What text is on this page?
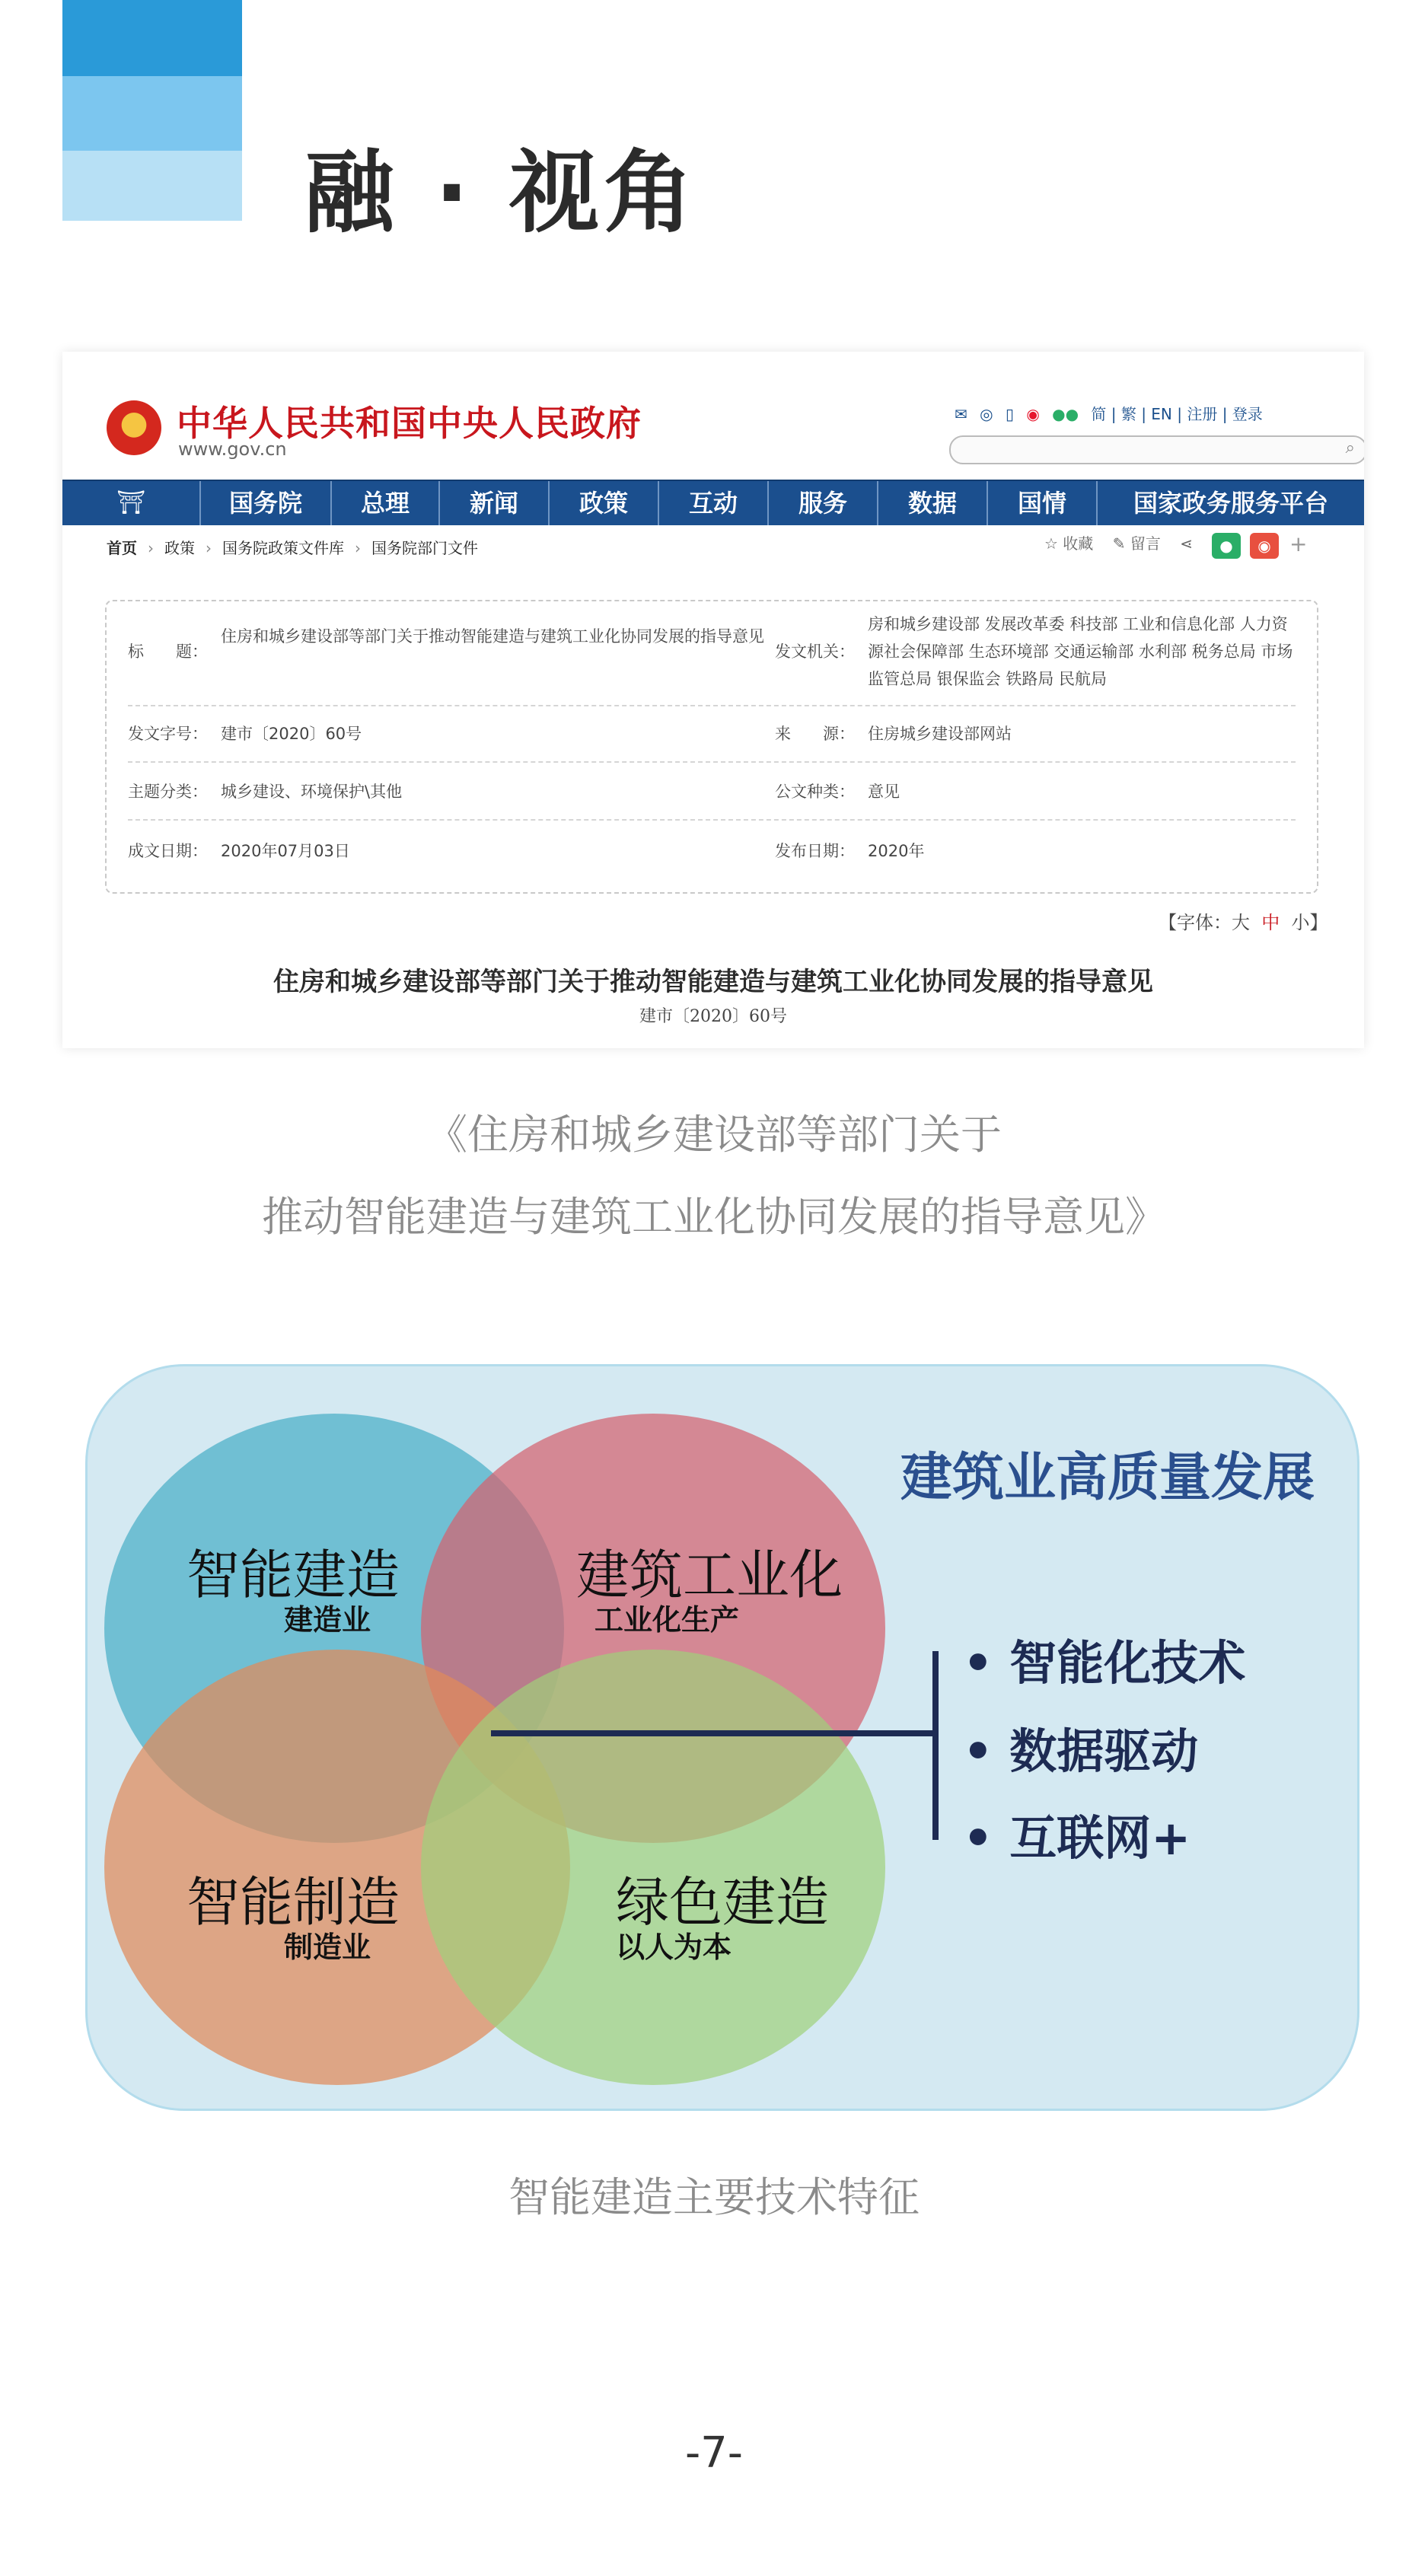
融 · 视角
中华人民共和国中央人民政府
www.gov.cn
✉ ◎ ▯ ◉ ●● 简 | 繁 | EN | 注册 | 登录
⌕
⛩	国务院	总理	新闻	政策	互动	服务	数据	国情	国家政务服务平台
首页 › 政策 › 国务院政策文件库 › 国务院部门文件	☆ 收藏 ✎ 留言 ⋖	●	◉ +
标　　题：
住房和城乡建设部等部门关于推动智能建造与建筑工业化协同发展的指导意见
发文机关：
房和城乡建设部 发展改革委 科技部 工业和信息化部 人力资源社会保障部 生态环境部 交通运输部 水利部 税务总局 市场监管总局 银保监会 铁路局 民航局
发文字号： 建市〔2020〕60号	来　　源： 住房城乡建设部网站
主题分类： 城乡建设、环境保护\其他	公文种类： 意见
成文日期： 2020年07月03日	发布日期： 2020年
【字体：大 中 小】
住房和城乡建设部等部门关于推动智能建造与建筑工业化协同发展的指导意见
建市〔2020〕60号
《住房和城乡建设部等部门关于
推动智能建造与建筑工业化协同发展的指导意见》
建筑业高质量发展
智能建造
建造业
建筑工业化
工业化生产
智能制造
制造业
绿色建造
以人为本
• 智能化技术
• 数据驱动
• 互联网+
智能建造主要技术特征
-7-
